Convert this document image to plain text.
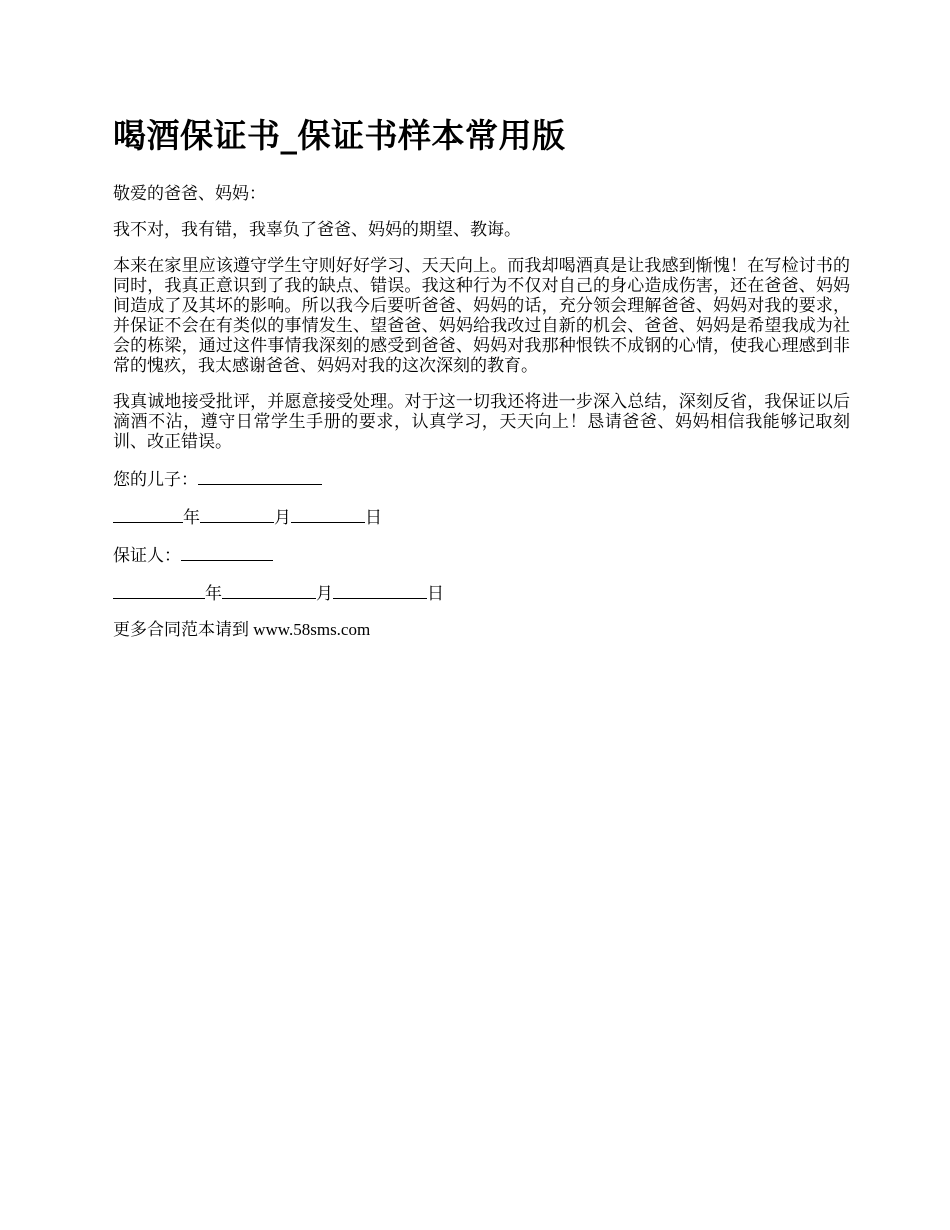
喝酒保证书_保证书样本常用版

敬爱的爸爸、妈妈：

我不对，我有错，我辜负了爸爸、妈妈的期望、教诲。

本来在家里应该遵守学生守则好好学习、天天向上。而我却喝酒真是让我感到惭愧！在写检讨书的同时，我真正意识到了我的缺点、错误。我这种行为不仅对自己的身心造成伤害，还在爸爸、妈妈间造成了及其坏的影响。所以我今后要听爸爸、妈妈的话，充分领会理解爸爸、妈妈对我的要求，并保证不会在有类似的事情发生、望爸爸、妈妈给我改过自新的机会、爸爸、妈妈是希望我成为社会的栋梁，通过这件事情我深刻的感受到爸爸、妈妈对我那种恨铁不成钢的心情，使我心理感到非常的愧疚，我太感谢爸爸、妈妈对我的这次深刻的教育。

我真诚地接受批评，并愿意接受处理。对于这一切我还将进一步深入总结，深刻反省，我保证以后滴酒不沾，遵守日常学生手册的要求，认真学习，天天向上！恳请爸爸、妈妈相信我能够记取刻训、改正错误。

您的儿子：

年	月	日

保证人：

年	月	日

更多合同范本请到 www.58sms.com
